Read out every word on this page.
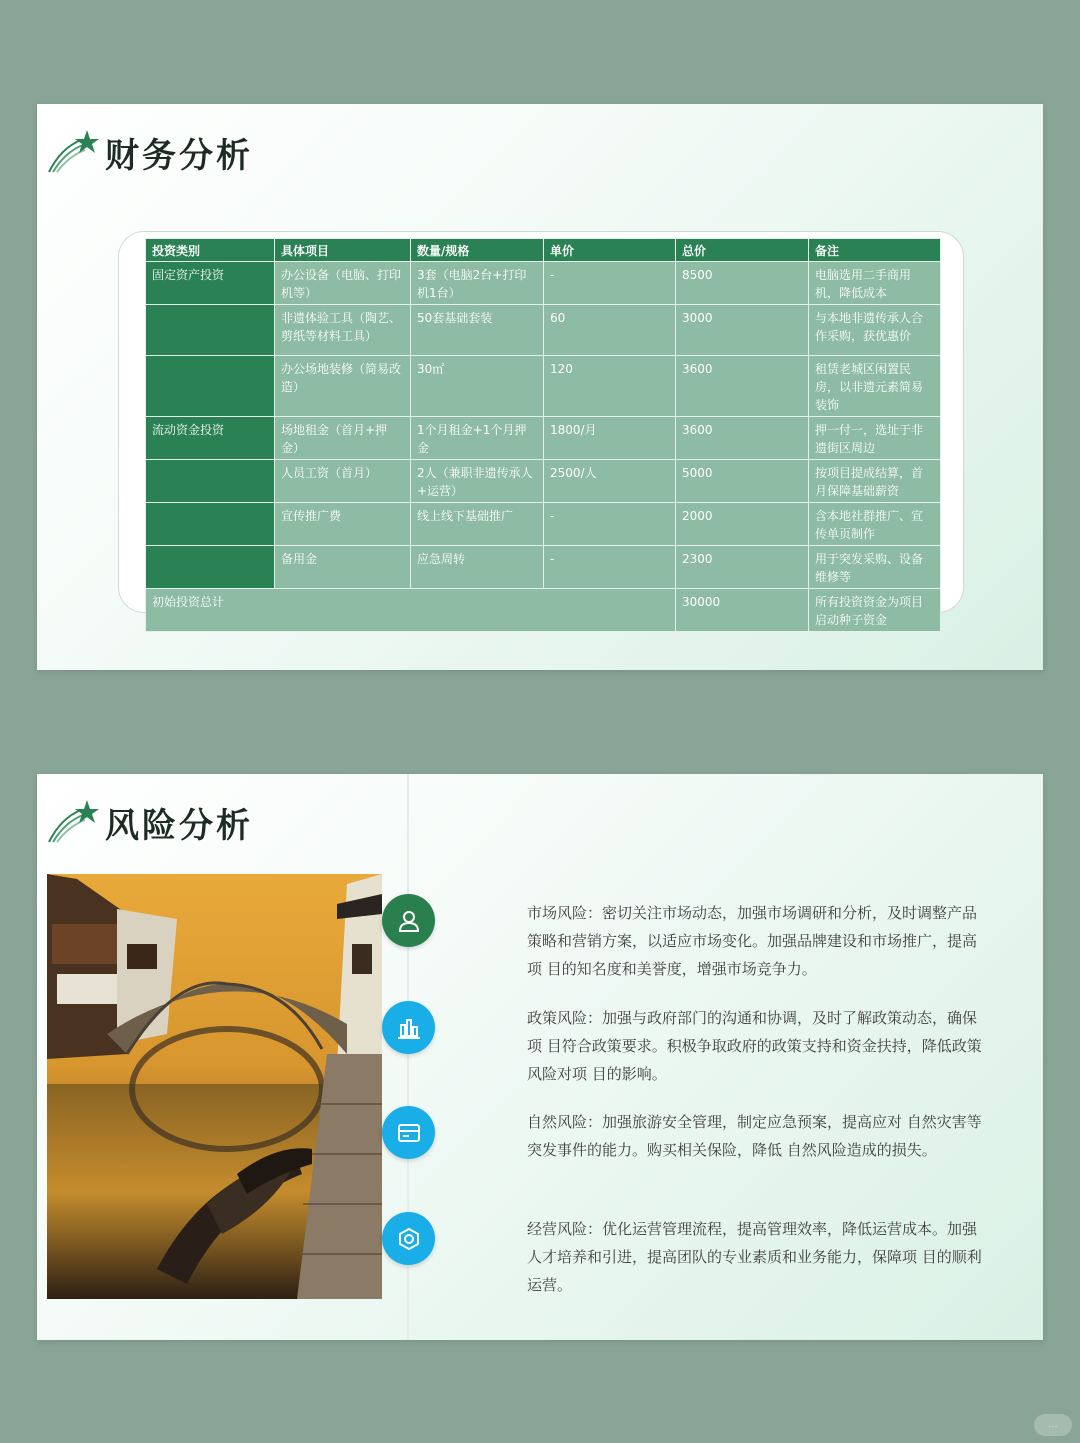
财务分析
投资类别	具体项目	数量/规格	单价	总价	备注
固定资产投资	办公设备（电脑、打印机等）	3套（电脑2台+打印机1台）	-	8500	电脑选用二手商用机，降低成本
	非遗体验工具（陶艺、剪纸等材料工具）	50套基础套装	60	3000	与本地非遗传承人合作采购，获优惠价
	办公场地装修（简易改造）	30㎡	120	3600	租赁老城区闲置民房，以非遗元素简易装饰
流动资金投资	场地租金（首月+押金）	1个月租金+1个月押金	1800/月	3600	押一付一，选址于非遗街区周边
	人员工资（首月）	2人（兼职非遗传承人+运营）	2500/人	5000	按项目提成结算，首月保障基础薪资
	宣传推广费	线上线下基础推广	-	2000	含本地社群推广、宣传单页制作
	备用金	应急周转	-	2300	用于突发采购、设备维修等
初始投资总计				30000	所有投资资金为项目启动种子资金
风险分析
市场风险：密切关注市场动态，加强市场调研和分析，及时调整产品策略和营销方案，以适应市场变化。加强品牌建设和市场推广，提高项 目的知名度和美誉度，增强市场竞争力。
政策风险：加强与政府部门的沟通和协调，及时了解政策动态，确保项 目符合政策要求。积极争取政府的政策支持和资金扶持，降低政策风险对项 目的影响。
自然风险：加强旅游安全管理，制定应急预案，提高应对 自然灾害等突发事件的能力。购买相关保险，降低 自然风险造成的损失。
经营风险：优化运营管理流程，提高管理效率，降低运营成本。加强人才培养和引进，提高团队的专业素质和业务能力，保障项 目的顺利运营。
…
